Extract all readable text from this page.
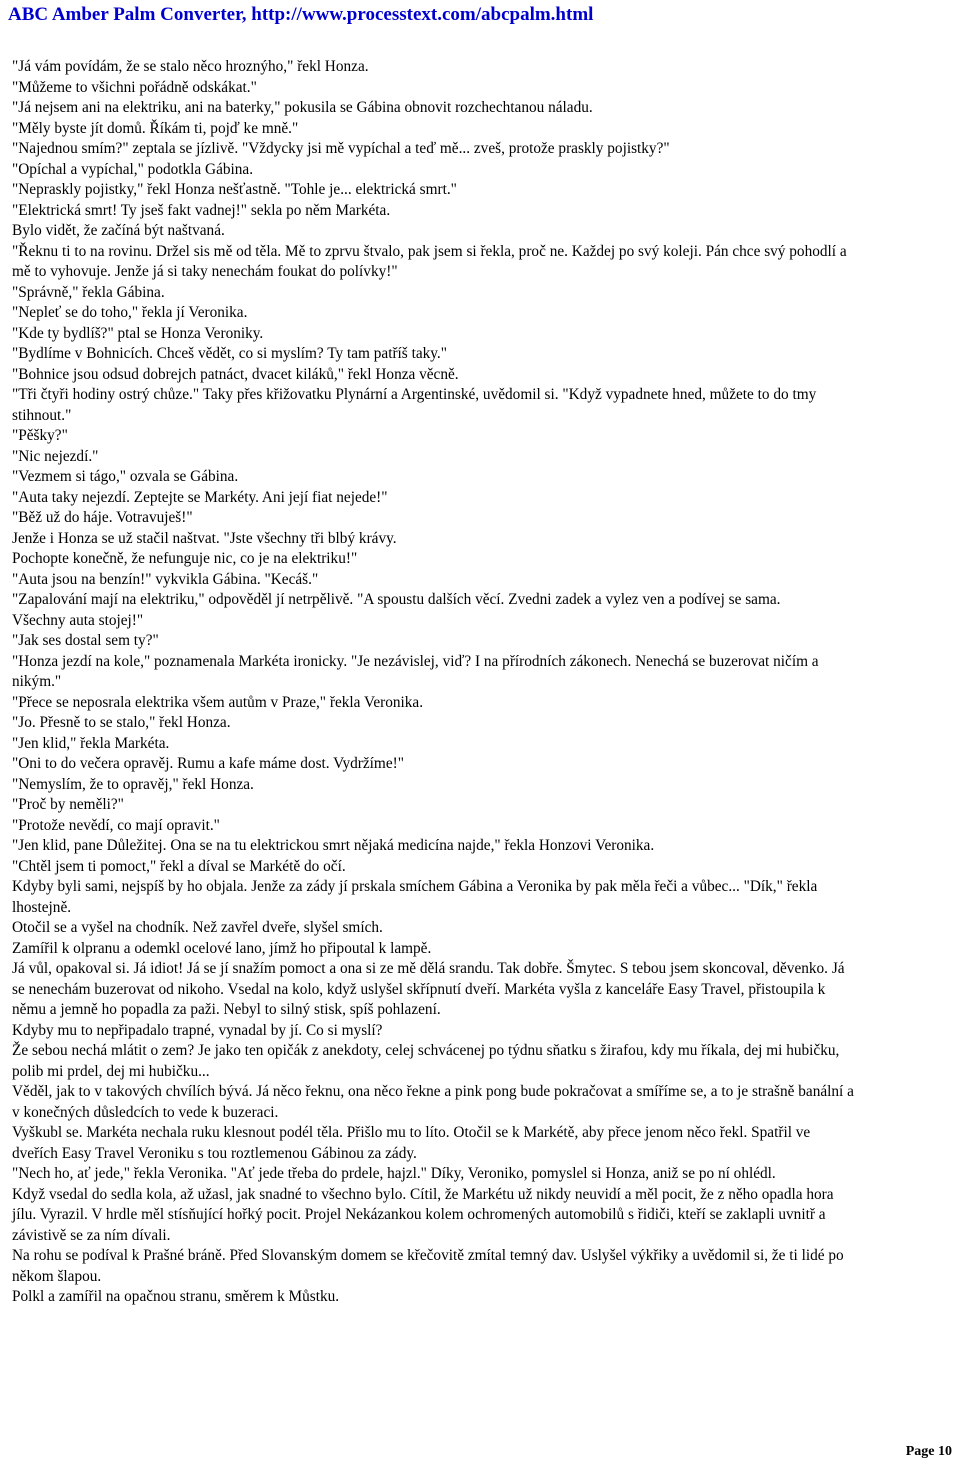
ABC Amber Palm Converter, http://www.processtext.com/abcpalm.html

"Já vám povídám, že se stalo něco hroznýho," řekl Honza.

"Můžeme to všichni pořádně odskákat."

"Já nejsem ani na elektriku, ani na baterky," pokusila se Gábina obnovit rozchechtanou náladu.

"Měly byste jít domů. Říkám ti, pojď ke mně."

"Najednou smím?" zeptala se jízlivě. "Vždycky jsi mě vypíchal a teď mě... zveš, protože praskly pojistky?"

"Opíchal a vypíchal," podotkla Gábina.

"Nepraskly pojistky," řekl Honza nešťastně. "Tohle je... elektrická smrt."

"Elektrická smrt! Ty jseš fakt vadnej!" sekla po něm Markéta.

Bylo vidět, že začíná být naštvaná.

"Řeknu ti to na rovinu. Držel sis mě od těla. Mě to zprvu štvalo, pak jsem si řekla, proč ne. Každej po svý koleji. Pán chce svý pohodlí a mě to vyhovuje. Jenže já si taky nenechám foukat do polívky!"

"Správně," řekla Gábina.

"Nepleť se do toho," řekla jí Veronika.

"Kde ty bydlíš?" ptal se Honza Veroniky.

"Bydlíme v Bohnicích. Chceš vědět, co si myslím? Ty tam patříš taky."

"Bohnice jsou odsud dobrejch patnáct, dvacet kiláků," řekl Honza věcně.

"Tři čtyři hodiny ostrý chůze." Taky přes křižovatku Plynární a Argentinské, uvědomil si. "Když vypadnete hned, můžete to do tmy stihnout."

"Pěšky?"

"Nic nejezdí."

"Vezmem si tágo," ozvala se Gábina.

"Auta taky nejezdí. Zeptejte se Markéty. Ani její fiat nejede!"

"Běž už do háje. Votravuješ!"

Jenže i Honza se už stačil naštvat. "Jste všechny tři blbý krávy.

Pochopte konečně, že nefunguje nic, co je na elektriku!"

"Auta jsou na benzín!" vykvikla Gábina. "Kecáš."

"Zapalování mají na elektriku," odpověděl jí netrpělivě. "A spoustu dalších věcí. Zvedni zadek a vylez ven a podívej se sama.

Všechny auta stojej!"

"Jak ses dostal sem ty?"

"Honza jezdí na kole," poznamenala Markéta ironicky. "Je nezávislej, viď? I na přírodních zákonech. Nenechá se buzerovat ničím a nikým."

"Přece se neposrala elektrika všem autům v Praze," řekla Veronika.

"Jo. Přesně to se stalo," řekl Honza.

"Jen klid," řekla Markéta.

"Oni to do večera opravěj. Rumu a kafe máme dost. Vydržíme!"

"Nemyslím, že to opravěj," řekl Honza.

"Proč by neměli?"

"Protože nevědí, co mají opravit."

"Jen klid, pane Důležitej. Ona se na tu elektrickou smrt nějaká medicína najde," řekla Honzovi Veronika.

"Chtěl jsem ti pomoct," řekl a díval se Markétě do očí.

Kdyby byli sami, nejspíš by ho objala. Jenže za zády jí prskala smíchem Gábina a Veronika by pak měla řeči a vůbec... "Dík," řekla lhostejně.

Otočil se a vyšel na chodník. Než zavřel dveře, slyšel smích.

Zamířil k olpranu a odemkl ocelové lano, jímž ho připoutal k lampě.

Já vůl, opakoval si. Já idiot! Já se jí snažím pomoct a ona si ze mě dělá srandu. Tak dobře. Šmytec. S tebou jsem skoncoval, děvenko. Já se nenechám buzerovat od nikoho. Vsedal na kolo, když uslyšel skřípnutí dveří. Markéta vyšla z kanceláře Easy Travel, přistoupila k němu a jemně ho popadla za paži. Nebyl to silný stisk, spíš pohlazení.

Kdyby mu to nepřipadalo trapné, vynadal by jí. Co si myslí?

Že sebou nechá mlátit o zem? Je jako ten opičák z anekdoty, celej schvácenej po týdnu sňatku s žirafou, kdy mu říkala, dej mi hubičku, polib mi prdel, dej mi hubičku...

Věděl, jak to v takových chvílích bývá. Já něco řeknu, ona něco řekne a pink pong bude pokračovat a smíříme se, a to je strašně banální a v konečných důsledcích to vede k buzeraci.

Vyškubl se. Markéta nechala ruku klesnout podél těla. Přišlo mu to líto. Otočil se k Markétě, aby přece jenom něco řekl. Spatřil ve dveřích Easy Travel Veroniku s tou roztlemenou Gábinou za zády.

"Nech ho, ať jede," řekla Veronika. "Ať jede třeba do prdele, hajzl." Díky, Veroniko, pomyslel si Honza, aniž se po ní ohlédl.

Když vsedal do sedla kola, až užasl, jak snadné to všechno bylo. Cítil, že Markétu už nikdy neuvidí a měl pocit, že z něho opadla hora jílu. Vyrazil. V hrdle měl stísňující hořký pocit. Projel Nekázankou kolem ochromených automobilů s řidiči, kteří se zaklapli uvnitř a závistivě se za ním dívali.

Na rohu se podíval k Prašné bráně. Před Slovanským domem se křečovitě zmítal temný dav. Uslyšel výkřiky a uvědomil si, že ti lidé po někom šlapou.

Polkl a zamířil na opačnou stranu, směrem k Můstku.

Page 10
